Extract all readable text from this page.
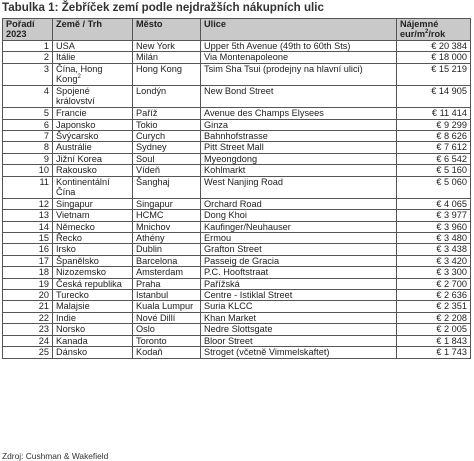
Tabulka 1: Žebříček zemí podle nejdražších nákupních ulic
Pořadí 2023	Země / Trh	Město	Ulice	Nájemné eur/$m^2$/rok
1	USA	New York	Upper 5th Avenue (49th to 60th Sts)	€ 20 384
2	Itálie	Milán	Via Montenapoleone	€ 18 000
3	Čína, Hong Kong$^2$	Hong Kong	Tsim Sha Tsui (prodejny na hlavní ulici)	€ 15 219
4	Spojené království	Londýn	New Bond Street	€ 14 905
5	Francie	Paříž	Avenue des Champs Elysees	€ 11 414
6	Japonsko	Tokio	Ginza	€ 9 299
7	Švýcarsko	Curych	Bahnhofstrasse	€ 8 626
8	Austrálie	Sydney	Pitt Street Mall	€ 7 612
9	Jižní Korea	Soul	Myeongdong	€ 6 542
10	Rakousko	Vídeň	Kohlmarkt	€ 5 160
11	Kontinentální Čína	Šanghaj	West Nanjing Road	€ 5 060
12	Singapur	Singapur	Orchard Road	€ 4 065
13	Vietnam	HCMC	Dong Khoi	€ 3 977
14	Německo	Mnichov	Kaufinger/Neuhauser	€ 3 960
15	Řecko	Athény	Ermou	€ 3 480
16	Irsko	Dublin	Grafton Street	€ 3 438
17	Španělsko	Barcelona	Passeig de Gracia	€ 3 420
18	Nizozemsko	Amsterdam	P.C. Hooftstraat	€ 3 300
19	Česká republika	Praha	Pařížská	€ 2 700
20	Turecko	Istanbul	Centre - Istiklal Street	€ 2 636
21	Malajsie	Kuala Lumpur	Suria KLCC	€ 2 351
22	Indie	Nové Dillí	Khan Market	€ 2 208
23	Norsko	Oslo	Nedre Slottsgate	€ 2 005
24	Kanada	Toronto	Bloor Street	€ 1 843
25	Dánsko	Kodaň	Stroget (včetně Vimmelskaftet)	€ 1 743
Zdroj: Cushman & Wakefield
